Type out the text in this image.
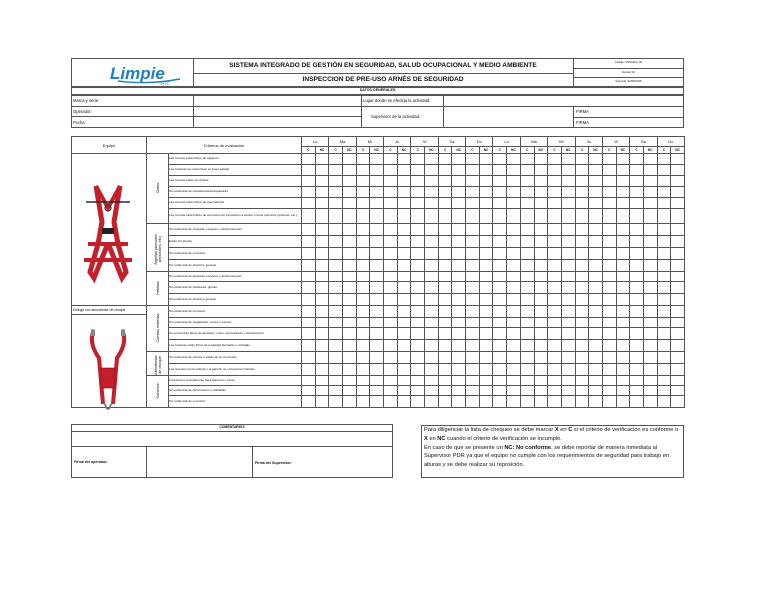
Limpie
SGC
SISTEMA INTEGRADO DE GESTIÓN EN SEGURIDAD, SALUD OCUPACIONAL Y MEDIO AMBIENTE
INSPECCION DE PRE-USO ARNÉS DE SEGURIDAD
Código: SSOMA-F-33
Versión:01
Vigencia: 02/05/2019
DATOS GENERALES
Marca y serie:
Operador:
Fecha:
Lugar donde se efectúa la actividad:
Supervisor de la actividad:
FIRMA
FIRMA
Equipo	Criterios de evaluación		Lu		Ma		Mi		Ju		Vi		Sa		Do		Lu		Ma		Mi		Ju		Vi		Sa		Do	
			C	NC	C	NC	C	NC	C	NC	C	NC	C	NC	C	NC	C	NC	C	NC	C	NC	C	NC	C	NC	C	NC	C	NC

	Cintas	Las correas están libres de agujeros																												
		Las costuras se encuentran en buen estado																												
		Las correas están sin grietas																												
		Sin evidencia de roturas/cortes/rasgaduras																												
		Las correas están libres de quemaduras																												
		Las correas están libres de corrosión por exposición a ácidos u otros químicos (pinturas, etc.)																												

	Argollas (dorsales, pectorales, etc)	Sin evidencia de desgaste excesivo o deformaciones																												
		Están sin grietas																												
		Sin evidencia de corrosión																												
		Sin evidencia de deterioro general																												

	Hebillas	Sin evidencia de desgaste excesivo o deformaciones																												
		Sin evidencia de picaduras, grietas																												
		Sin evidencia de deterioro general																												

Eslinga con absorbedor de choque	Correas externas	Sin evidencia de corrosión																												
		Sin evidencia de rasgaduras, cortes o roturas																												
		Se encuentran libres de abrasión, moho, quemaduras o decoloración																												
		Las costuras están libres de puntadas fisuradas o cortadas																												

	Absorbedor de choque	Sin evidencia de roturas o salida de su contenido																												
		Las uniones con la eslinga y el gancho se encuentran intactas																												

	Ganchos	Funcionan correctamente para apertura y cierre																												
		Sin evidencia de deformación o dobladas																												
		Sin evidencia de corrosión																												
COMENTARIOS
Firma del operador:	Firma del Supervisor:
Para diligenciar la lista de chequeo se debe marcar X en C si el criterio de verificación es conforme o X en NC cuando el criterio de verificación se incumple.
En caso de que se presente un NC: No conforme, se debe reportar de manera inmediata al Supervisor PDR ya que el equipo no cumple con los requerimientos de seguridad para trabajo en alturas y se debe realizar su reposición.
